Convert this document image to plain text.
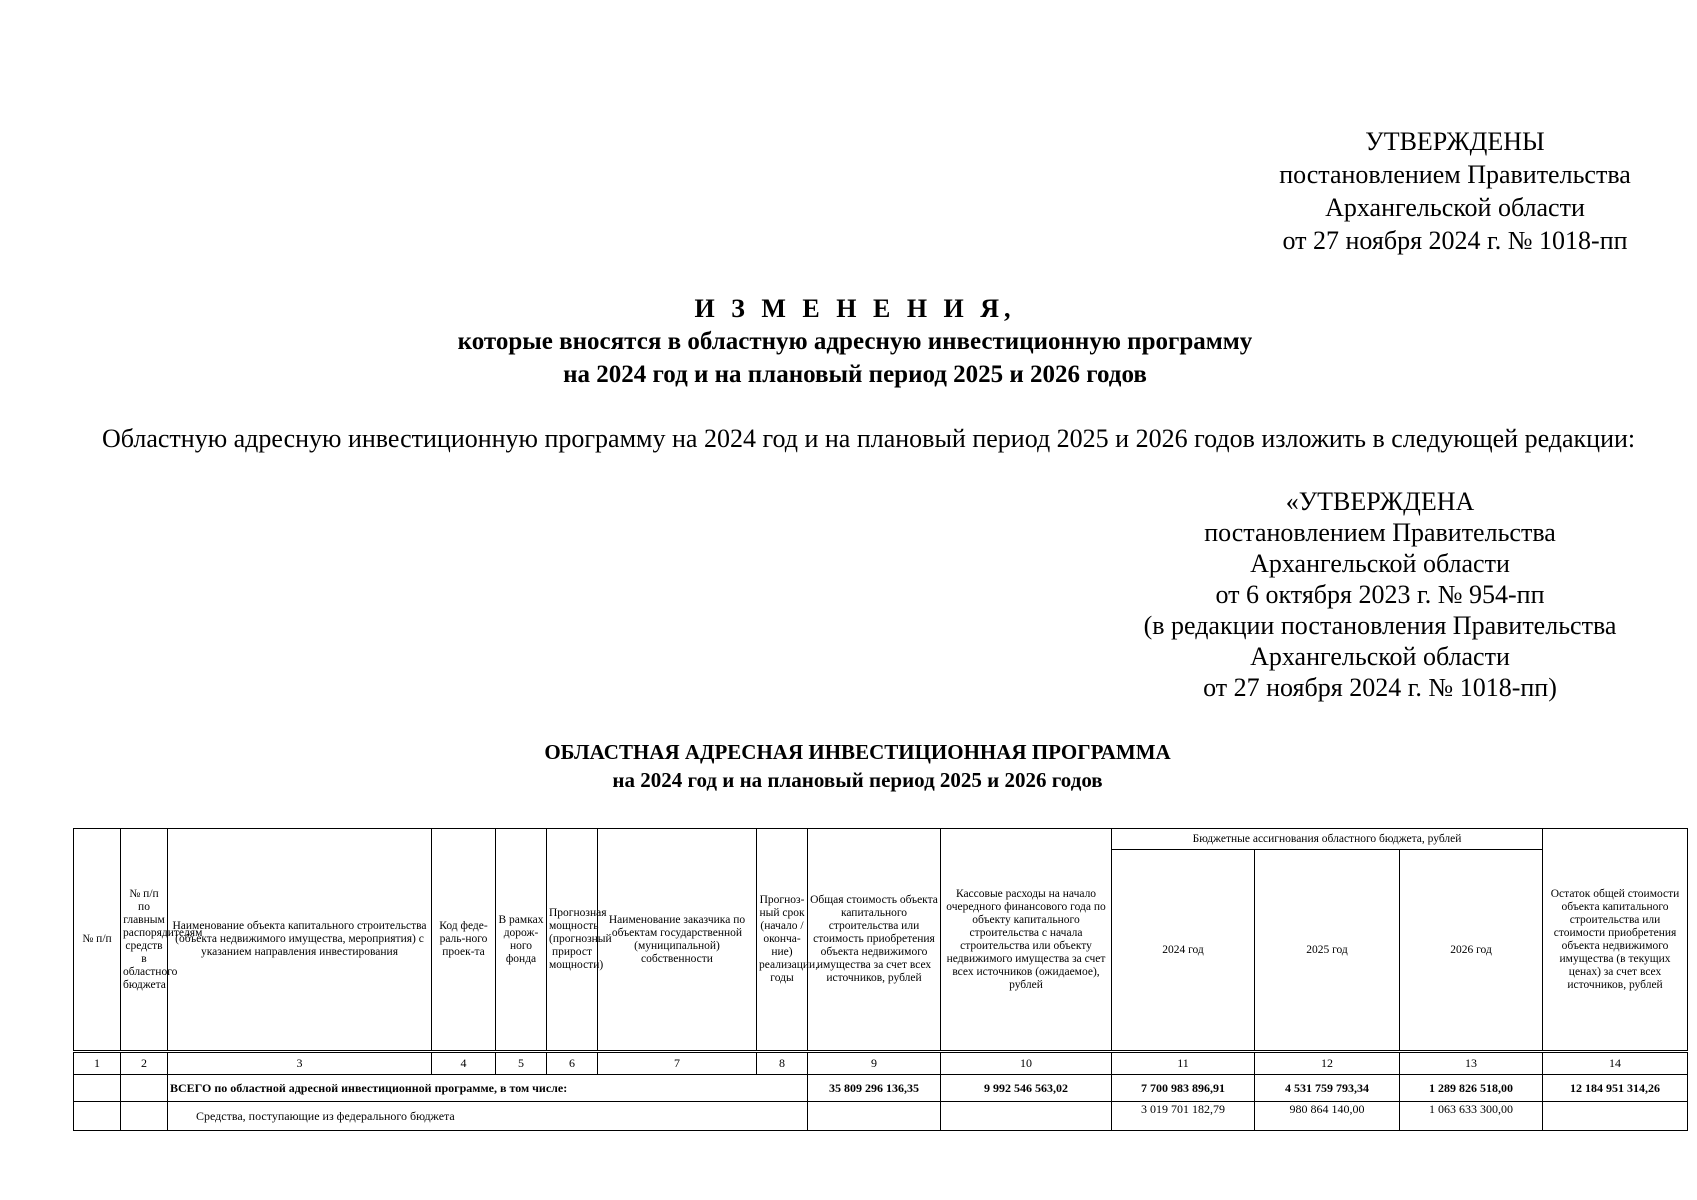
УТВЕРЖДЕНЫ
постановлением Правительства
Архангельской области
от 27 ноября 2024 г. № 1018-пп
И З М Е Н Е Н И Я,
которые вносятся в областную адресную инвестиционную программу
на 2024 год и на плановый период 2025 и 2026 годов
Областную адресную инвестиционную программу на 2024 год и на плановый период 2025 и 2026 годов изложить в следующей редакции:
«УТВЕРЖДЕНА
постановлением Правительства
Архангельской области
от 6 октября 2023 г. № 954-пп
(в редакции постановления Правительства
Архангельской области
от 27 ноября 2024 г. № 1018-пп)
ОБЛАСТНАЯ АДРЕСНАЯ ИНВЕСТИЦИОННАЯ ПРОГРАММА
на 2024 год и на плановый период 2025 и 2026 годов
№ п/п	№ п/п по главным распорядителям средств в областного бюджета	Наименование объекта капитального строительства (объекта недвижимого имущества, мероприятия) с указанием направления инвестирования	Код феде-раль-ного проек-та	В рамках дорож-ного фонда	Прогнозная мощность (прогнозный прирост мощности)	Наименование заказчика по объектам государственной (муниципальной) собственности	Прогноз-ный срок (начало / оконча-ние) реализации, годы	Общая стоимость объекта капитального строительства или стоимость приобретения объекта недвижимого имущества за счет всех источников, рублей	Кассовые расходы на начало очередного финансового года по объекту капитального строительства с начала строительства или объекту недвижимого имущества за счет всех источников (ожидаемое), рублей	Бюджетные ассигнования областного бюджета, рублей			Остаток общей стоимости объекта капитального строительства или стоимости приобретения объекта недвижимого имущества (в текущих ценах) за счет всех источников, рублей
										2024 год	2025 год	2026 год	
1	2	3	4	5	6	7	8	9	10	11	12	13	14
		ВСЕГО по областной адресной инвестиционной программе, в том числе:						35 809 296 136,35	9 992 546 563,02	7 700 983 896,91	4 531 759 793,34	1 289 826 518,00	12 184 951 314,26
		Средства, поступающие из федерального бюджета								3 019 701 182,79	980 864 140,00	1 063 633 300,00	
